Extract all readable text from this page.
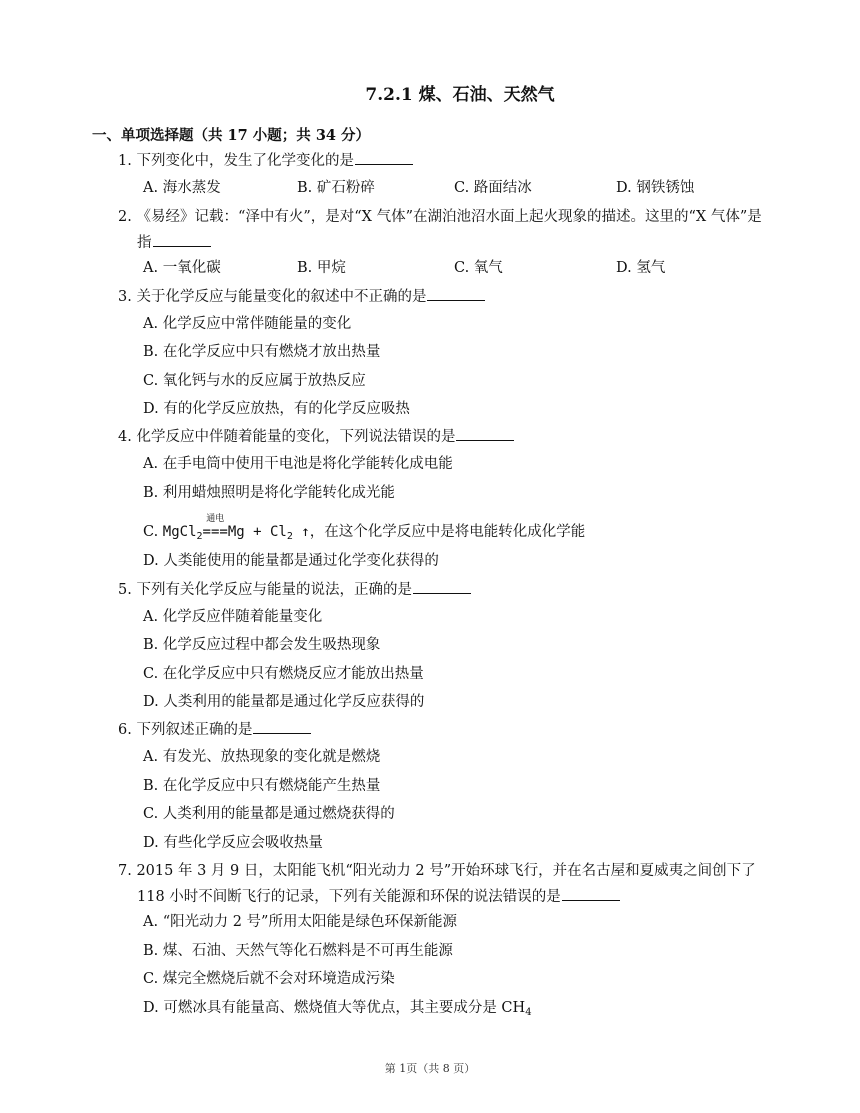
7.2.1 煤、石油、天然气
一、单项选择题（共 17 小题；共 34 分）
1. 下列变化中，发生了化学变化的是
A. 海水蒸发	B. 矿石粉碎	C. 路面结冰	D. 钢铁锈蚀
2. 《易经》记载：“泽中有火”，是对“X 气体”在湖泊池沼水面上起火现象的描述。这里的“X 气体”是
指
A. 一氧化碳	B. 甲烷	C. 氧气	D. 氢气
3. 关于化学反应与能量变化的叙述中不正确的是
A. 化学反应中常伴随能量的变化
B. 在化学反应中只有燃烧才放出热量
C. 氧化钙与水的反应属于放热反应
D. 有的化学反应放热，有的化学反应吸热
4. 化学反应中伴随着能量的变化，下列说法错误的是
A. 在手电筒中使用干电池是将化学能转化成电能
B. 利用蜡烛照明是将化学能转化成光能
C. MgCl$_2$
通电
$===Mg + Cl_2$ ↑，在这个化学反应中是将电能转化成化学能
D. 人类能使用的能量都是通过化学变化获得的
5. 下列有关化学反应与能量的说法，正确的是
A. 化学反应伴随着能量变化
B. 化学反应过程中都会发生吸热现象
C. 在化学反应中只有燃烧反应才能放出热量
D. 人类利用的能量都是通过化学反应获得的
6. 下列叙述正确的是
A. 有发光、放热现象的变化就是燃烧
B. 在化学反应中只有燃烧能产生热量
C. 人类利用的能量都是通过燃烧获得的
D. 有些化学反应会吸收热量
7. 2015 年 3 月 9 日，太阳能飞机“阳光动力 2 号”开始环球飞行，并在名古屋和夏威夷之间创下了
118 小时不间断飞行的记录，下列有关能源和环保的说法错误的是
A. “阳光动力 2 号”所用太阳能是绿色环保新能源
B. 煤、石油、天然气等化石燃料是不可再生能源
C. 煤完全燃烧后就不会对环境造成污染
D. 可燃冰具有能量高、燃烧值大等优点，其主要成分是 $CH_4$
第 1页（共 8 页）
